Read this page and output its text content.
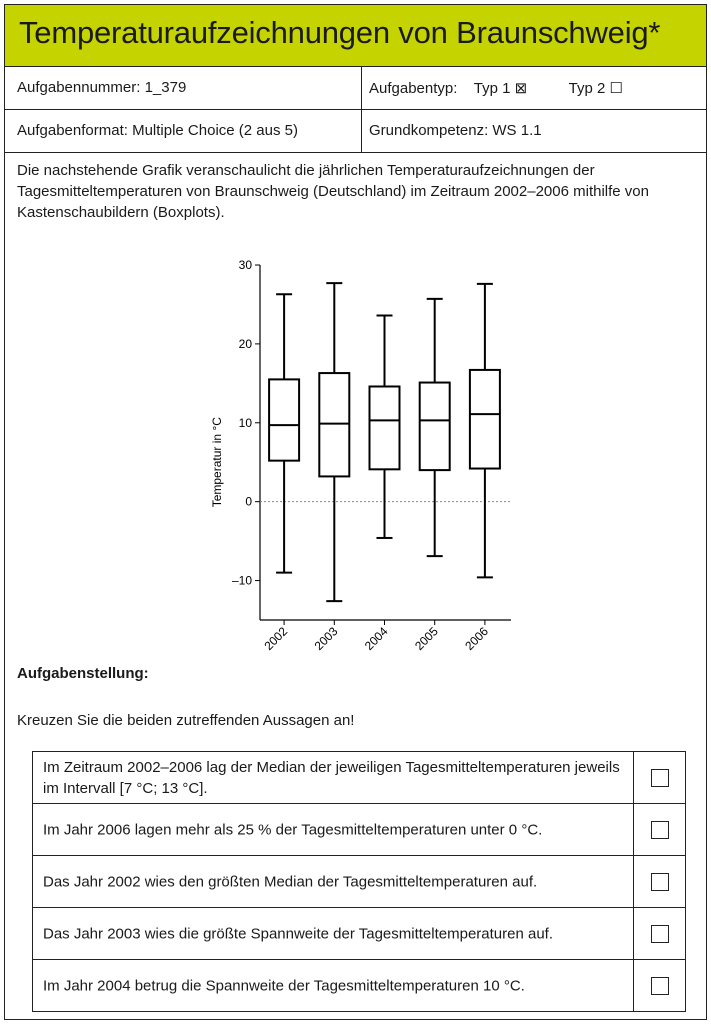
Temperaturaufzeichnungen von Braunschweig*
Aufgabennummer: 1_379	Aufgabentyp:    Typ 1 ⊠          Typ 2 ☐
Aufgabenformat: Multiple Choice (2 aus 5)	Grundkompetenz: WS 1.1
Die nachstehende Grafik veranschaulicht die jährlichen Temperaturaufzeichnungen der Tagesmitteltemperaturen von Braunschweig (Deutschland) im Zeitraum 2002–2006 mithilfe von Kastenschaubildern (Boxplots).
–10
0
10
20
30
Temperatur in °C
2002 2003 2004 2005 2006
Aufgabenstellung:
Kreuzen Sie die beiden zutreffenden Aussagen an!
Im Zeitraum 2002–2006 lag der Median der jeweiligen Tagesmitteltemperaturen jeweils im Intervall [7 °C; 13 °C].
Im Jahr 2006 lagen mehr als 25 % der Tagesmitteltemperaturen unter 0 °C.
Das Jahr 2002 wies den größten Median der Tagesmitteltemperaturen auf.
Das Jahr 2003 wies die größte Spannweite der Tagesmitteltemperaturen auf.
Im Jahr 2004 betrug die Spannweite der Tagesmitteltemperaturen 10 °C.
